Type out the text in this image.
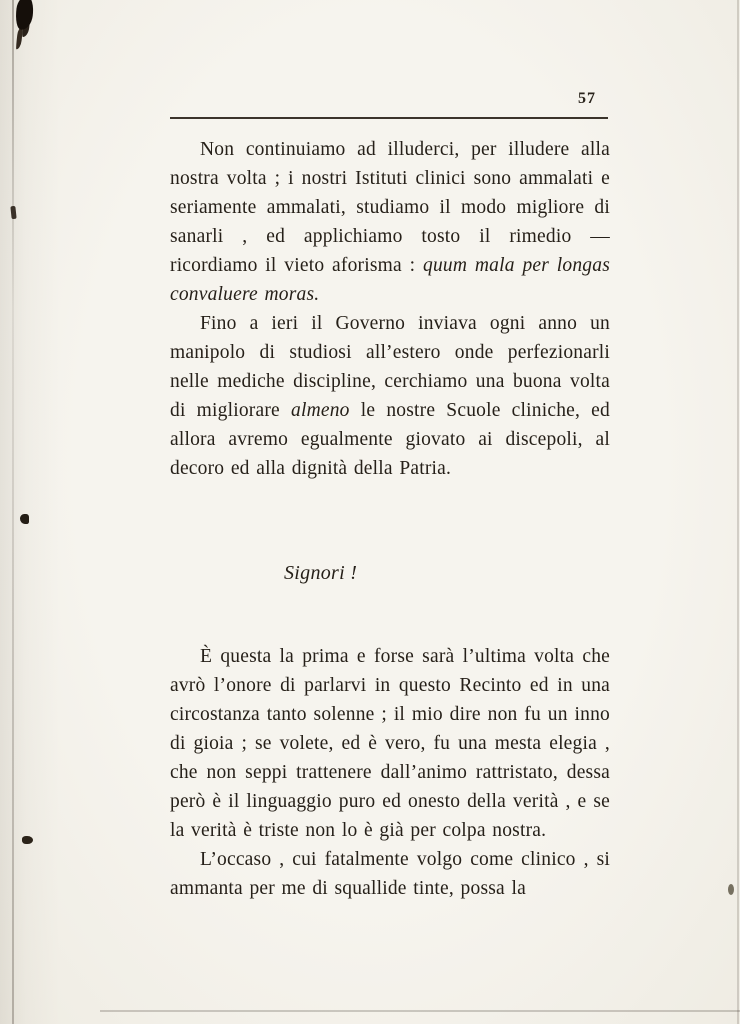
57

Non continuiamo ad illuderci, per illudere alla nostra volta ; i nostri Istituti clinici sono ammalati e seriamente ammalati, studiamo il modo migliore di sanarli , ed applichiamo tosto il rimedio — ricordiamo il vieto aforisma : quum mala per longas convaluere moras.

Fino a ieri il Governo inviava ogni anno un manipolo di studiosi all’estero onde perfezionarli nelle mediche discipline, cerchiamo una buona volta di migliorare almeno le nostre Scuole cliniche, ed allora avremo egualmente giovato ai discepoli, al decoro ed alla dignità della Patria.

Signori !

È questa la prima e forse sarà l’ultima volta che avrò l’onore di parlarvi in questo Recinto ed in una circostanza tanto solenne ; il mio dire non fu un inno di gioia ; se volete, ed è vero, fu una mesta elegia , che non seppi trattenere dall’animo rattristato, dessa però è il linguaggio puro ed onesto della verità , e se la verità è triste non lo è già per colpa nostra.

L’occaso , cui fatalmente volgo come clinico , si ammanta per me di squallide tinte, possa la
